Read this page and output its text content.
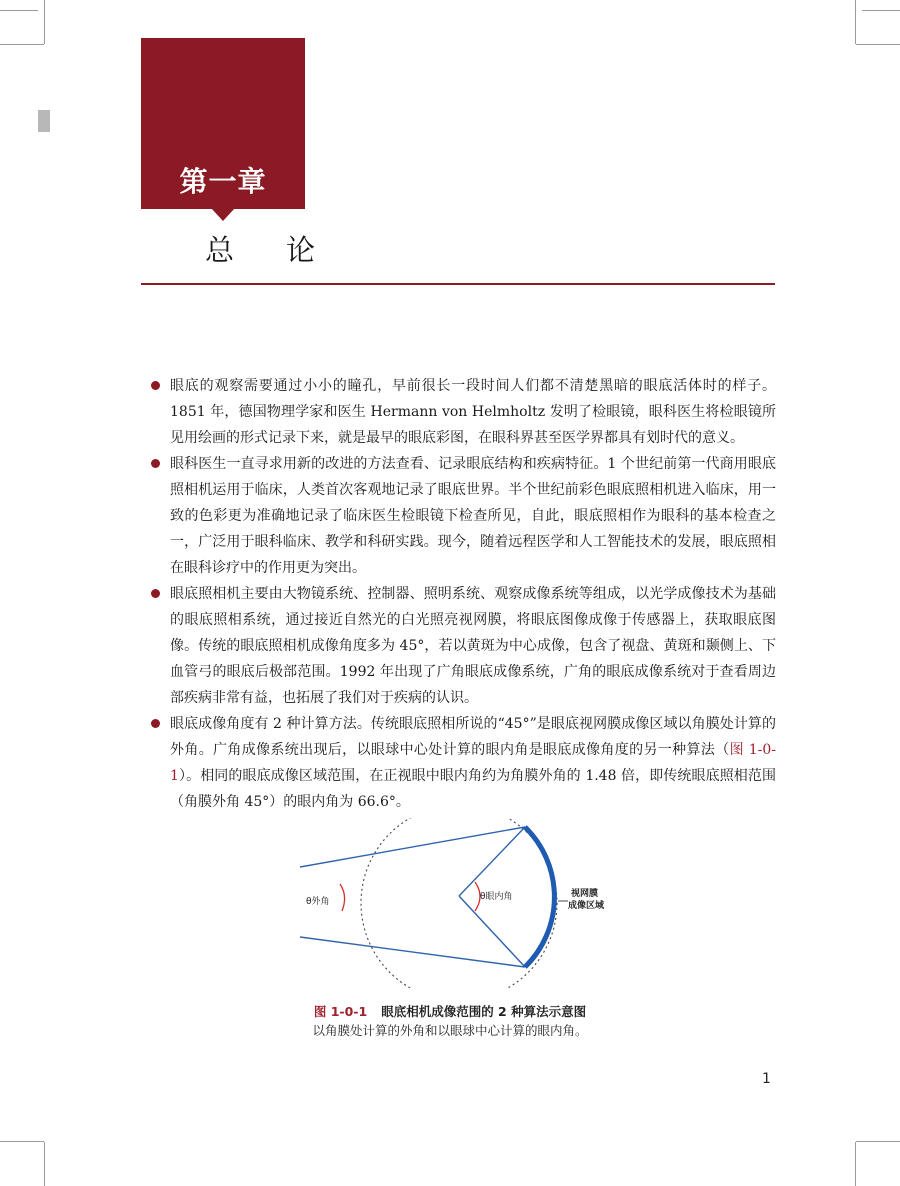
第一章
总论
眼底的观察需要通过小小的瞳孔，早前很长一段时间人们都不清楚黑暗的眼底活体时的样子。1851 年，德国物理学家和医生 Hermann von Helmholtz 发明了检眼镜，眼科医生将检眼镜所见用绘画的形式记录下来，就是最早的眼底彩图，在眼科界甚至医学界都具有划时代的意义。
眼科医生一直寻求用新的改进的方法查看、记录眼底结构和疾病特征。1 个世纪前第一代商用眼底照相机运用于临床，人类首次客观地记录了眼底世界。半个世纪前彩色眼底照相机进入临床，用一致的色彩更为准确地记录了临床医生检眼镜下检查所见，自此，眼底照相作为眼科的基本检查之一，广泛用于眼科临床、教学和科研实践。现今，随着远程医学和人工智能技术的发展，眼底照相在眼科诊疗中的作用更为突出。
眼底照相机主要由大物镜系统、控制器、照明系统、观察成像系统等组成，以光学成像技术为基础的眼底照相系统，通过接近自然光的白光照亮视网膜，将眼底图像成像于传感器上，获取眼底图像。传统的眼底照相机成像角度多为 45°，若以黄斑为中心成像，包含了视盘、黄斑和颞侧上、下血管弓的眼底后极部范围。1992 年出现了广角眼底成像系统，广角的眼底成像系统对于查看周边部疾病非常有益，也拓展了我们对于疾病的认识。
眼底成像角度有 2 种计算方法。传统眼底照相所说的“45°”是眼底视网膜成像区域以角膜处计算的外角。广角成像系统出现后，以眼球中心处计算的眼内角是眼底成像角度的另一种算法（图 1-0-1）。相同的眼底成像区域范围，在正视眼中眼内角约为角膜外角的 1.48 倍，即传统眼底照相范围（角膜外角 45°）的眼内角为 66.6°。
θ外角	θ眼内角	视网膜
成像区域
图 1-0-1 眼底相机成像范围的 2 种算法示意图
以角膜处计算的外角和以眼球中心计算的眼内角。
1
